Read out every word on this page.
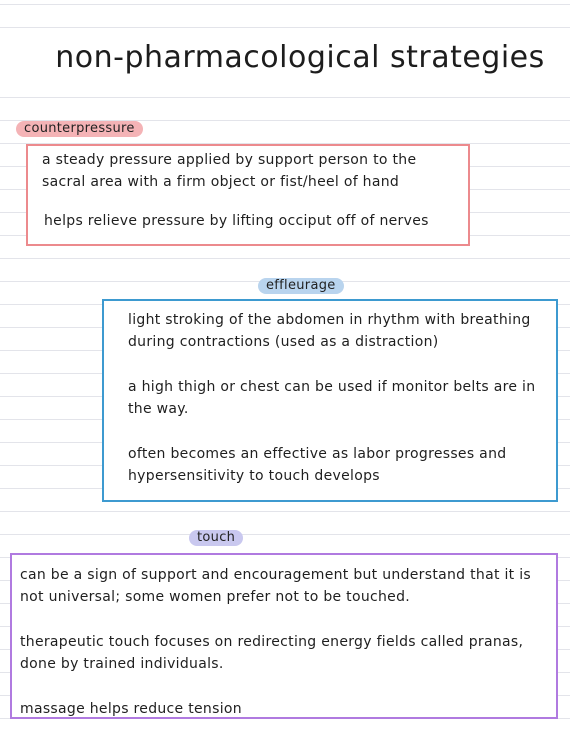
non-pharmacological strategies
counterpressure

a steady pressure applied by support person to the sacral area with a firm object or fist/heel of hand

helps relieve pressure by lifting occiput off of nerves

effleurage

light stroking of the abdomen in rhythm with breathing during contractions (used as a distraction)

a high thigh or chest can be used if monitor belts are in the way.

often becomes an effective as labor progresses and hypersensitivity to touch develops

touch

can be a sign of support and encouragement but understand that it is not universal; some women prefer not to be touched.

therapeutic touch focuses on redirecting energy fields called pranas, done by trained individuals.

massage helps reduce tension
